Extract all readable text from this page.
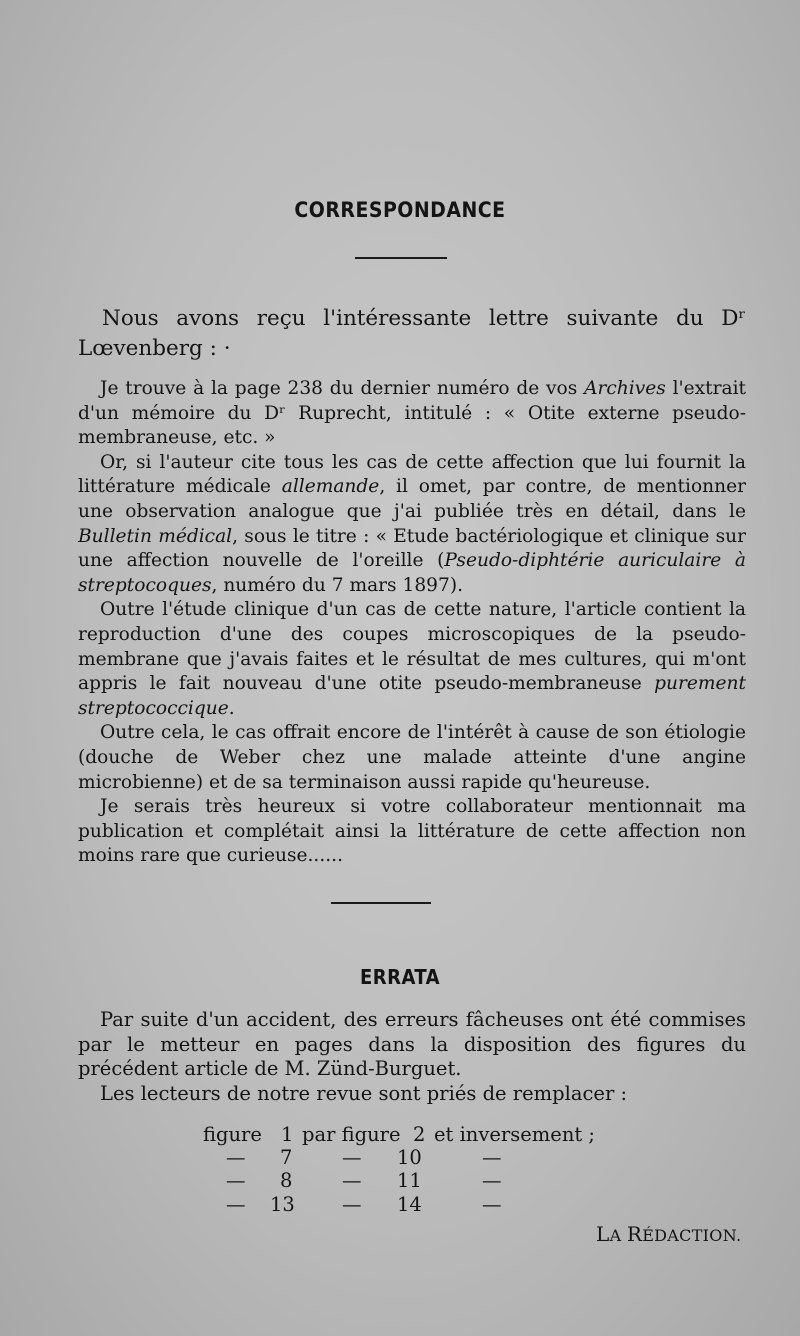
CORRESPONDANCE

Nous avons reçu l'intéressante lettre suivante du Dʳ Lœvenberg : ·

Je trouve à la page 238 du dernier numéro de vos Archives l'extrait d'un mémoire du Dʳ Ruprecht, intitulé : « Otite externe pseudo-membraneuse, etc. »

Or, si l'auteur cite tous les cas de cette affection que lui fournit la littérature médicale allemande, il omet, par contre, de mentionner une observation analogue que j'ai publiée très en détail, dans le Bulletin médical, sous le titre : « Etude bactériologique et clinique sur une affection nouvelle de l'oreille (Pseudo-diphtérie auriculaire à streptocoques, numéro du 7 mars 1897).

Outre l'étude clinique d'un cas de cette nature, l'article contient la reproduction d'une des coupes microscopiques de la pseudo-membrane que j'avais faites et le résultat de mes cultures, qui m'ont appris le fait nouveau d'une otite pseudo-membraneuse purement streptococcique.

Outre cela, le cas offrait encore de l'intérêt à cause de son étiologie (douche de Weber chez une malade atteinte d'une angine microbienne) et de sa terminaison aussi rapide qu'heureuse.

Je serais très heureux si votre collaborateur mentionnait ma publication et complétait ainsi la littérature de cette affection non moins rare que curieuse......

ERRATA

Par suite d'un accident, des erreurs fâcheuses ont été commises par le metteur en pages dans la disposition des figures du précédent article de M. Zünd-Burguet.

Les lecteurs de notre revue sont priés de remplacer :

figure 1 par figure 2 et inversement ;
— 7	— 10	—
— 8	— 11	—
— 13 — 14	—
LA RÉDACTION.
